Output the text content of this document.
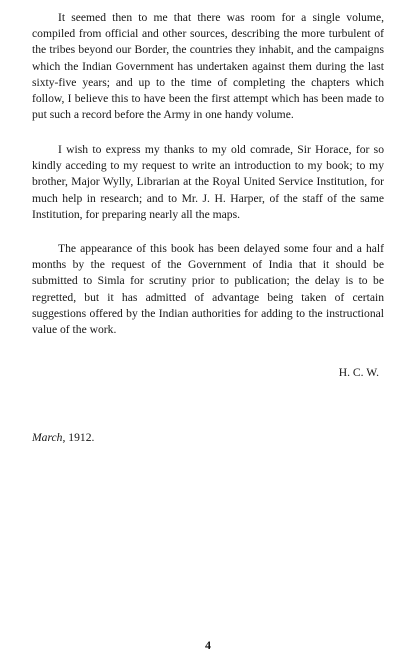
It seemed then to me that there was room for a single volume, compiled from official and other sources, describing the more turbulent of the tribes beyond our Border, the countries they inhabit, and the campaigns which the Indian Government has undertaken against them during the last sixty-five years; and up to the time of completing the chapters which follow, I believe this to have been the first attempt which has been made to put such a record before the Army in one handy volume.

I wish to express my thanks to my old comrade, Sir Horace, for so kindly acceding to my request to write an introduction to my book; to my brother, Major Wylly, Librarian at the Royal United Service Institution, for much help in research; and to Mr. J. H. Harper, of the staff of the same Institution, for preparing nearly all the maps.

The appearance of this book has been delayed some four and a half months by the request of the Government of India that it should be submitted to Simla for scrutiny prior to publication; the delay is to be regretted, but it has admitted of advantage being taken of certain suggestions offered by the Indian authorities for adding to the instructional value of the work.

H. C. W.

March, 1912.

4
